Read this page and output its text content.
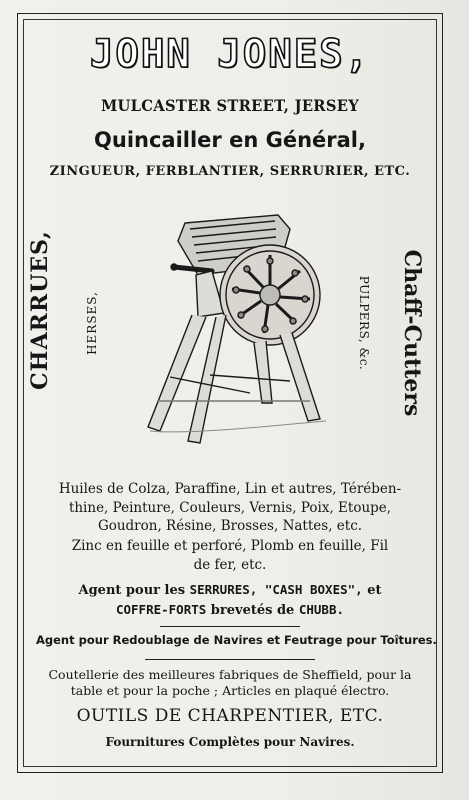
JOHN JONES,
MULCASTER STREET, JERSEY
Quincailler en Général,
ZINGUEUR, FERBLANTIER, SERRURIER, ETC.
CHARRUES,	HERSES,	Chaff-Cutters
PULPERS, &c.
Huiles de Colza, Paraffine, Lin et autres, Térében-
thine, Peinture, Couleurs, Vernis, Poix, Etoupe,
Goudron, Résine, Brosses, Nattes, etc.
Zinc en feuille et perforé, Plomb en feuille, Fil
de fer, etc.
Agent pour les SERRURES, "CASH BOXES", et
COFFRE-FORTS brevetés de CHUBB.
Agent pour Redoublage de Navires et Feutrage pour Toîtures.
Coutellerie des meilleures fabriques de Sheffield, pour la
table et pour la poche ; Articles en plaqué électro.
OUTILS DE CHARPENTIER, ETC.
Fournitures Complètes pour Navires.
